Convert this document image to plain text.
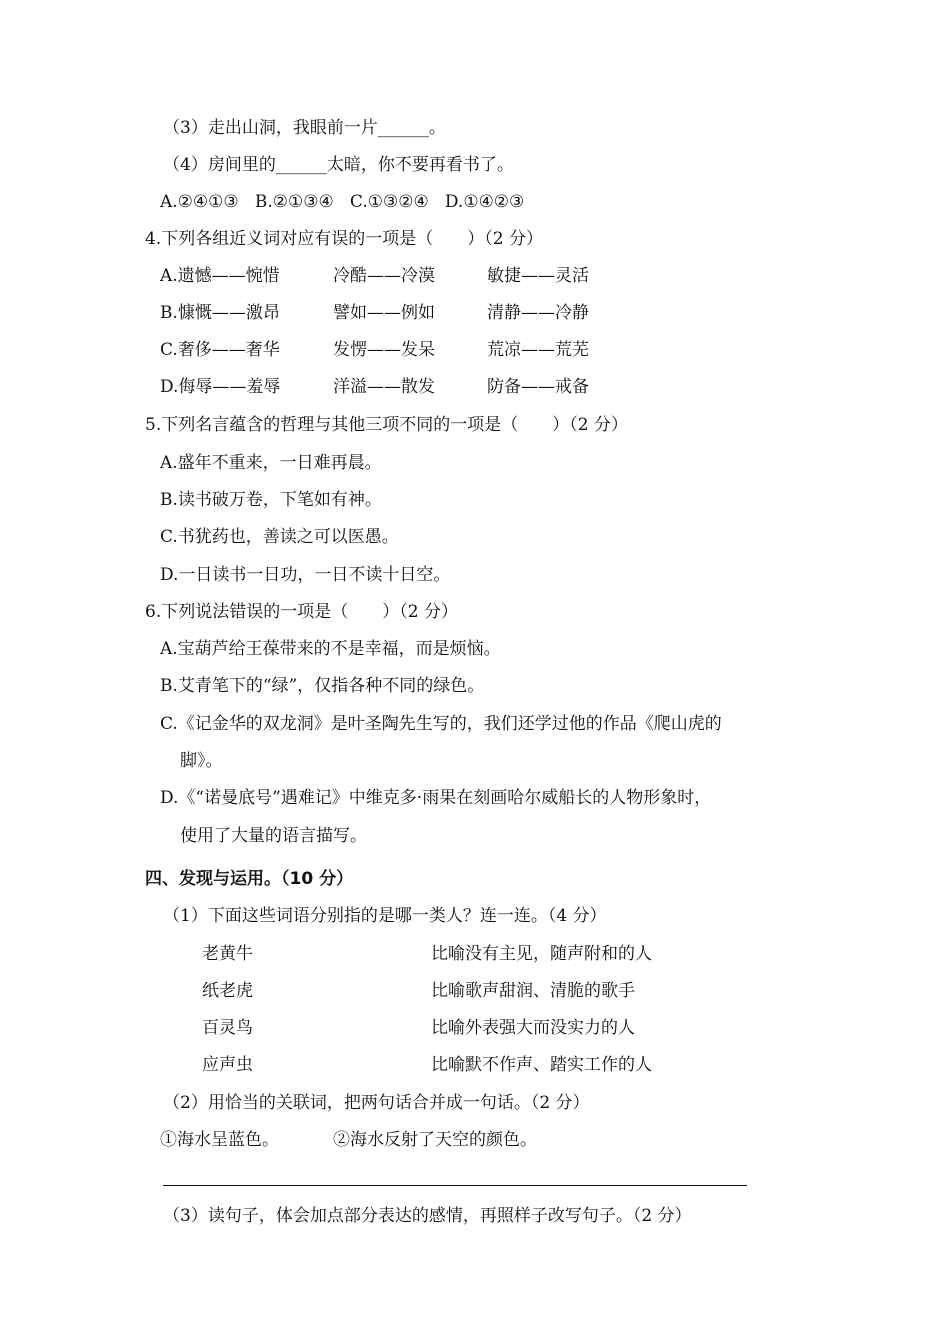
（3）走出山洞，我眼前一片______。
（4）房间里的______太暗，你不要再看书了。
A.②④①③   B.②①③④   C.①③②④   D.①④②③
4.下列各组近义词对应有误的一项是（　　）（2 分）
A.遗憾——惋惜	冷酷——冷漠	敏捷——灵活
B.慷慨——激昂	譬如——例如	清静——冷静
C.奢侈——奢华	发愣——发呆	荒凉——荒芜
D.侮辱——羞辱	洋溢——散发	防备——戒备
5.下列名言蕴含的哲理与其他三项不同的一项是（　　）（2 分）
A.盛年不重来，一日难再晨。
B.读书破万卷，下笔如有神。
C.书犹药也，善读之可以医愚。
D.一日读书一日功，一日不读十日空。
6.下列说法错误的一项是（　　）（2 分）
A.宝葫芦给王葆带来的不是幸福，而是烦恼。
B.艾青笔下的“绿”，仅指各种不同的绿色。
C.《记金华的双龙洞》是叶圣陶先生写的，我们还学过他的作品《爬山虎的
脚》。
D.《“诺曼底号”遇难记》中维克多·雨果在刻画哈尔威船长的人物形象时，
使用了大量的语言描写。
四、发现与运用。（10 分）
（1）下面这些词语分别指的是哪一类人？连一连。（4 分）
老黄牛	比喻没有主见，随声附和的人
纸老虎	比喻歌声甜润、清脆的歌手
百灵鸟	比喻外表强大而没实力的人
应声虫	比喻默不作声、踏实工作的人
（2）用恰当的关联词，把两句话合并成一句话。（2 分）
①海水呈蓝色。	②海水反射了天空的颜色。
（3）读句子，体会加点部分表达的感情，再照样子改写句子。（2 分）
